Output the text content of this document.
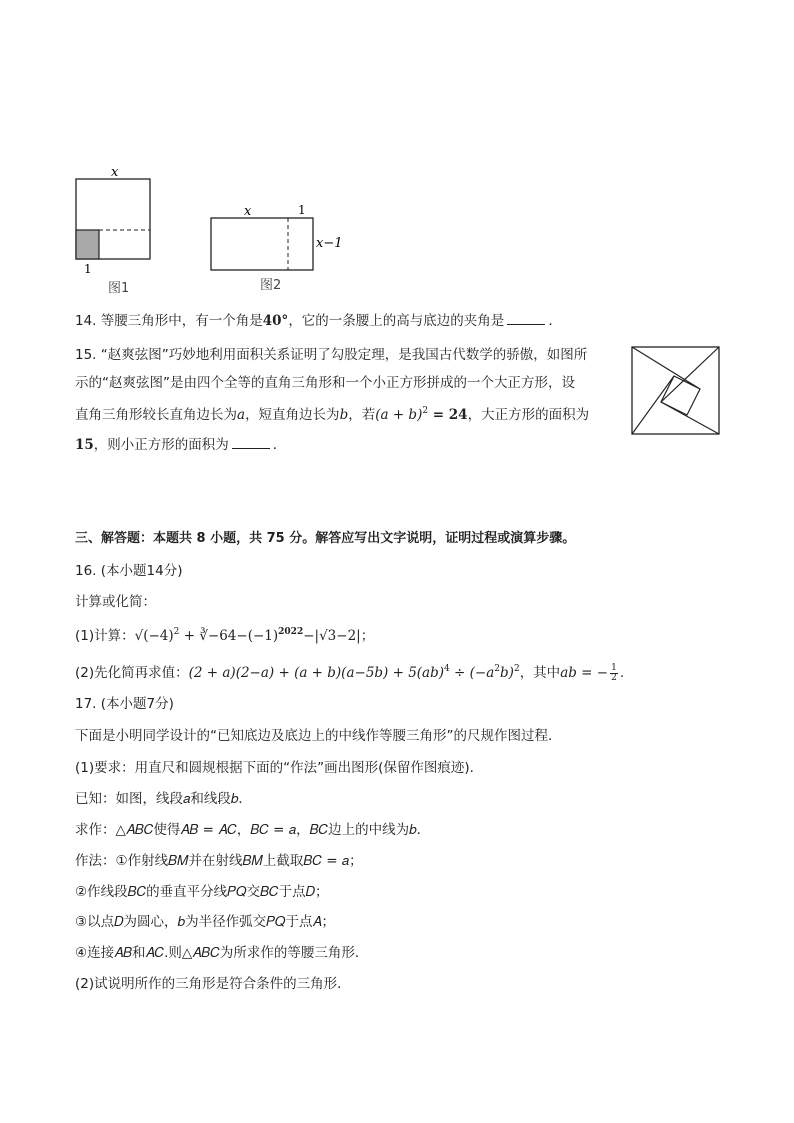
x
1
图1
x	1
x−1
图2
14. 等腰三角形中，有一个角是40°，它的一条腰上的高与底边的夹角是	．
15. “赵爽弦图”巧妙地利用面积关系证明了勾股定理，是我国古代数学的骄傲，如图所
示的“赵爽弦图”是由四个全等的直角三角形和一个小正方形拼成的一个大正方形，设
直角三角形较长直角边长为a，短直角边长为b，若$(a + b)^2 = 24$，大正方形的面积为
15，则小正方形的面积为	．
三、解答题：本题共 8 小题，共 75 分。解答应写出文字说明，证明过程或演算步骤。
16. (本小题14分)
计算或化简：
(1)计算：$√(-4)^2$ + $∛-64-(-1)^{2022}-|√3-2|$；
(2)先化简再求值：$(2 + a)(2-a) + (a + b)(a-5b) + 5(ab)^4 \div (-a^2b)^2$，其中ab = − $\frac{1}{2}$ .
17. (本小题7分)
下面是小明同学设计的“已知底边及底边上的中线作等腰三角形”的尺规作图过程．
(1)要求：用直尺和圆规根据下面的“作法”画出图形(保留作图痕迹)．
已知：如图，线段𝑎和线段𝑏．
求作：△𝐴𝐵𝐶使得𝐴𝐵 = 𝐴𝐶，𝐵𝐶 = 𝑎，𝐵𝐶边上的中线为𝑏．
作法：①作射线𝐵𝑀并在射线𝐵𝑀上截取𝐵𝐶 = 𝑎；
②作线段𝐵𝐶的垂直平分线𝑃𝑄交𝐵𝐶于点𝐷；
③以点𝐷为圆心，𝑏为半径作弧交𝑃𝑄于点𝐴；
④连接𝐴𝐵和𝐴𝐶.则△𝐴𝐵𝐶为所求作的等腰三角形．
(2)试说明所作的三角形是符合条件的三角形．
